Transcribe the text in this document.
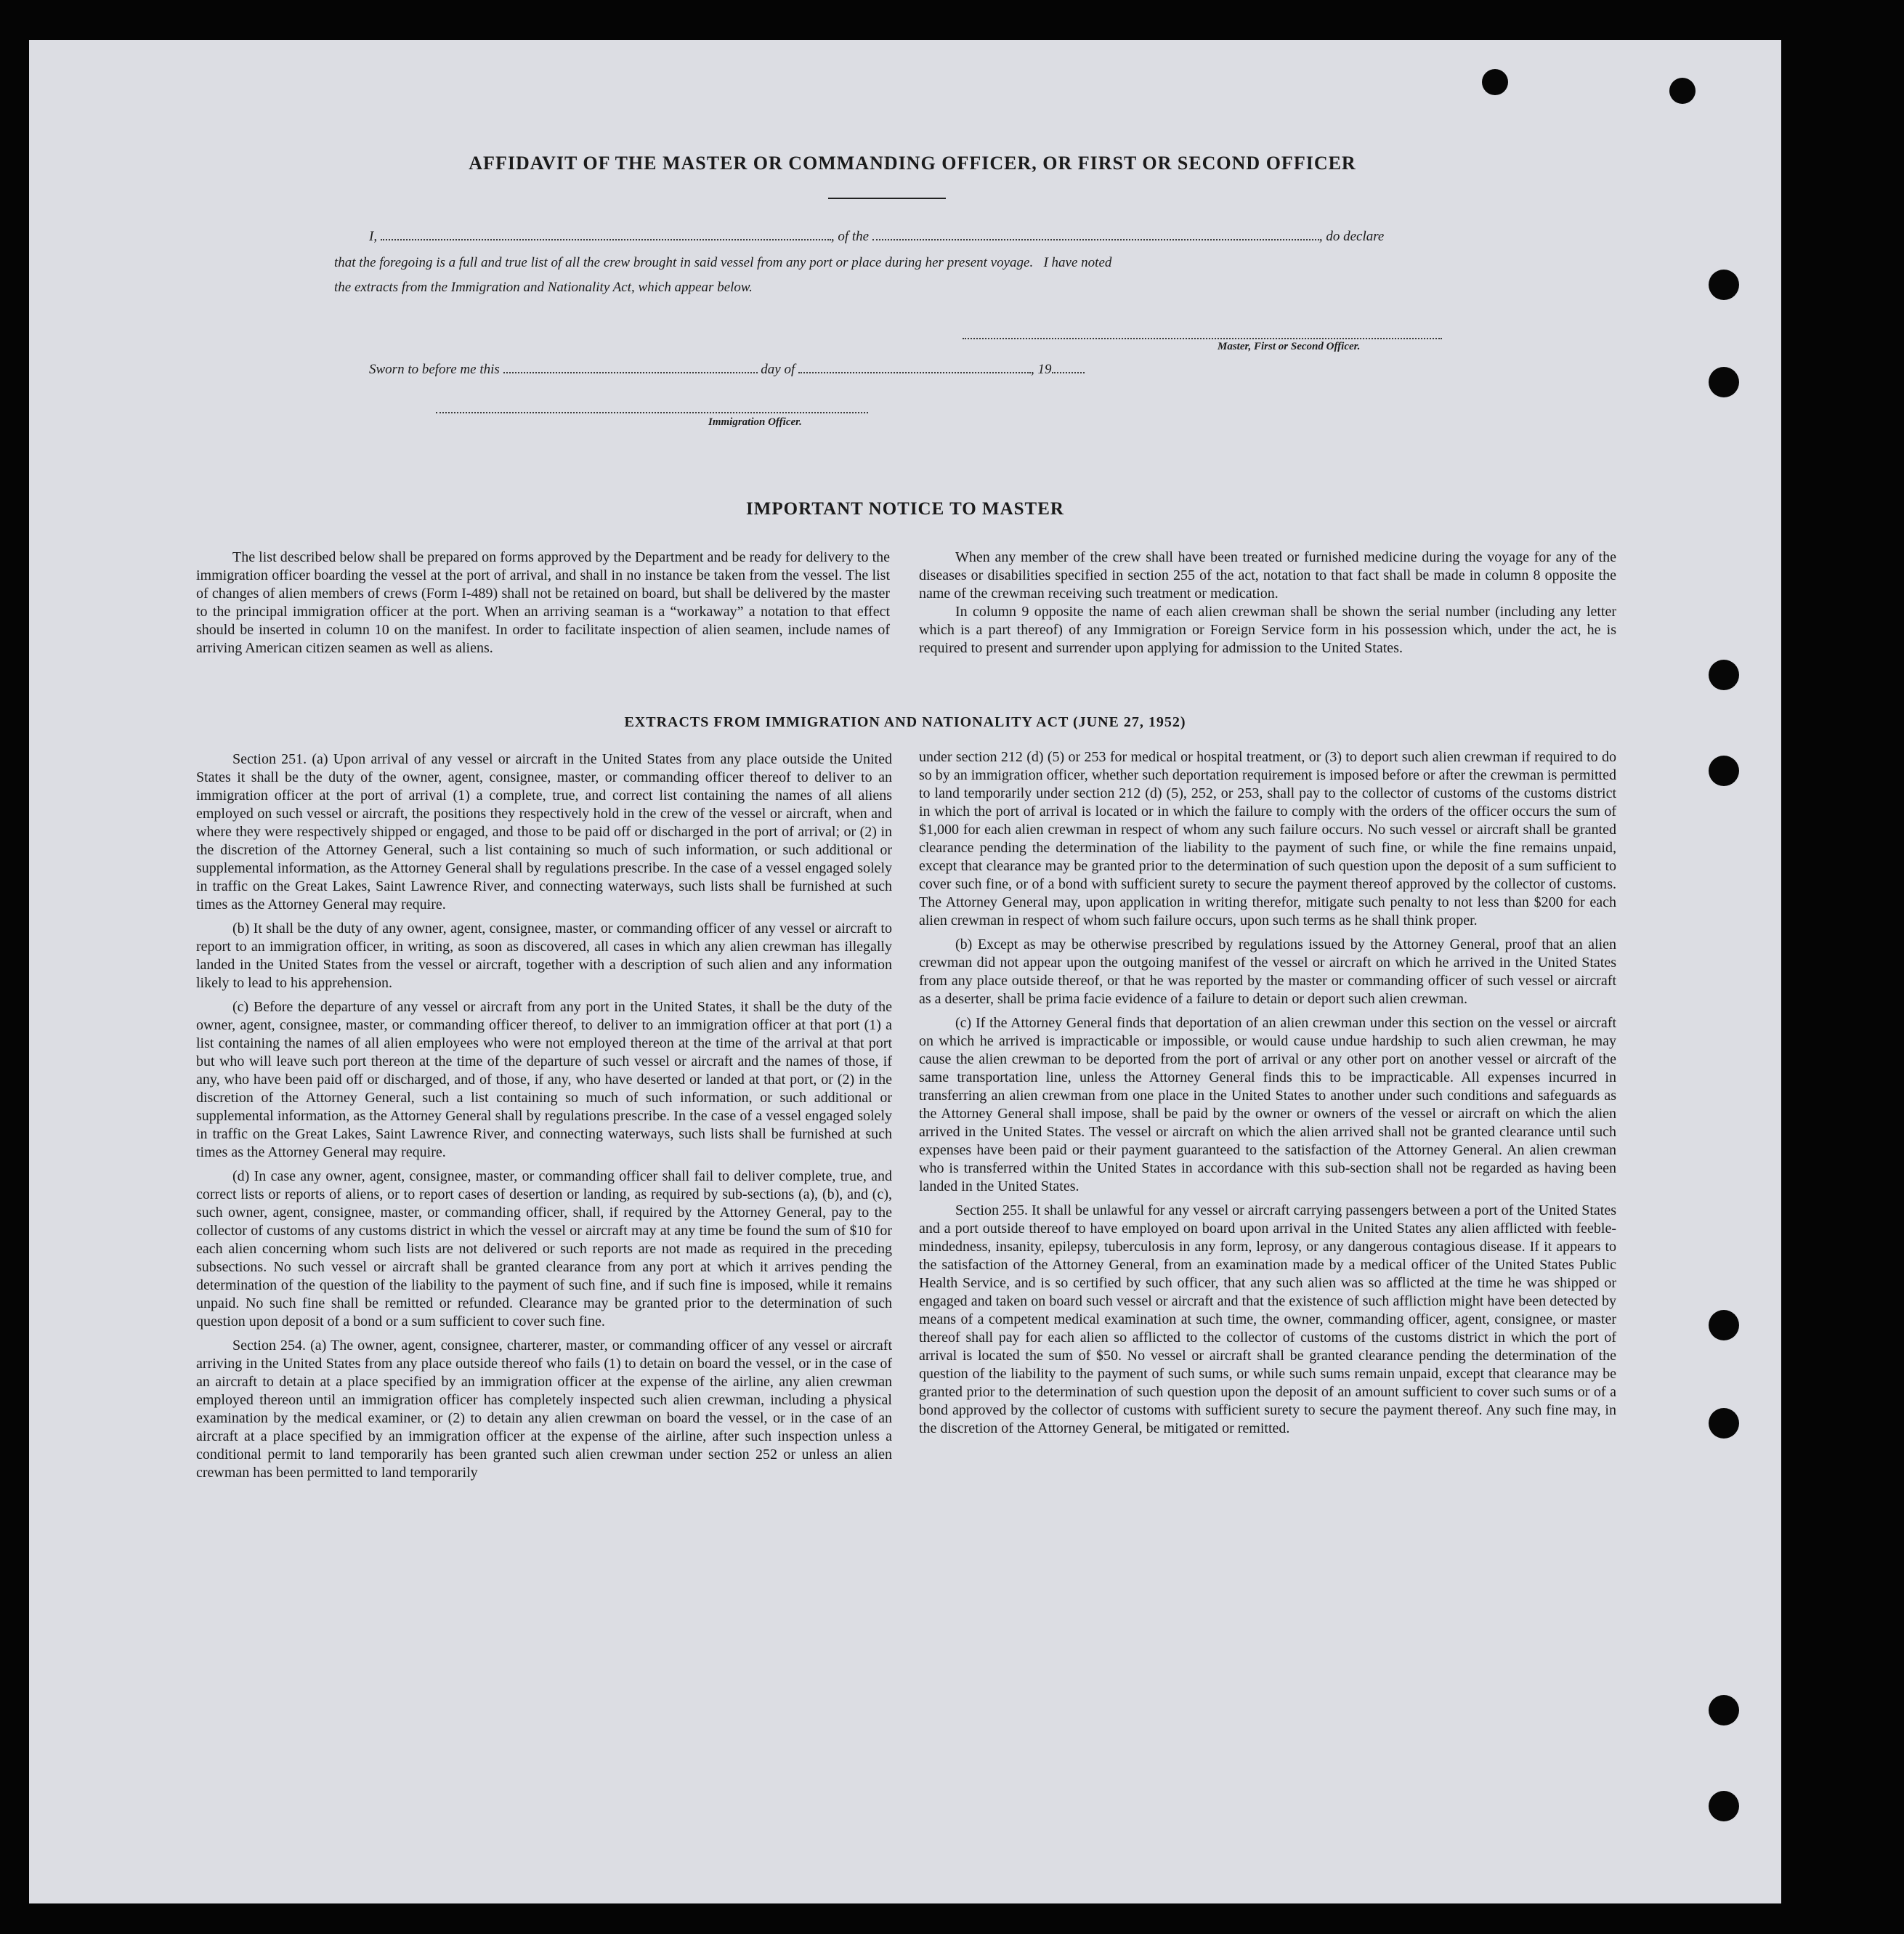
AFFIDAVIT OF THE MASTER OR COMMANDING OFFICER, OR FIRST OR SECOND OFFICER
I,	, of the	, do declare
that the foregoing is a full and true list of all the crew brought in said vessel from any port or place during her present voyage.   I have noted
the extracts from the Immigration and Nationality Act, which appear below.
Master, First or Second Officer.
Sworn to before me this	day of	, 19
Immigration Officer.
IMPORTANT NOTICE TO MASTER

The list described below shall be prepared on forms approved by the Department and be ready for delivery to the immigration officer boarding the vessel at the port of arrival, and shall in no instance be taken from the vessel. The list of changes of alien members of crews (Form I-489) shall not be retained on board, but shall be delivered by the master to the principal immigration officer at the port. When an arriving seaman is a “workaway” a notation to that effect should be inserted in column 10 on the manifest. In order to facilitate inspection of alien seamen, include names of arriving American citizen seamen as well as aliens.

When any member of the crew shall have been treated or furnished medicine during the voyage for any of the diseases or disabilities specified in section 255 of the act, notation to that fact shall be made in column 8 opposite the name of the crewman receiving such treatment or medication.

In column 9 opposite the name of each alien crewman shall be shown the serial number (including any letter which is a part thereof) of any Immigration or Foreign Service form in his possession which, under the act, he is required to present and surrender upon applying for admission to the United States.

EXTRACTS FROM IMMIGRATION AND NATIONALITY ACT (JUNE 27, 1952)

Section 251. (a) Upon arrival of any vessel or aircraft in the United States from any place outside the United States it shall be the duty of the owner, agent, consignee, master, or commanding officer thereof to deliver to an immigration officer at the port of arrival (1) a complete, true, and correct list containing the names of all aliens employed on such vessel or aircraft, the positions they respectively hold in the crew of the vessel or aircraft, when and where they were respectively shipped or engaged, and those to be paid off or discharged in the port of arrival; or (2) in the discretion of the Attorney General, such a list containing so much of such information, or such additional or supplemental information, as the Attorney General shall by regulations prescribe. In the case of a vessel engaged solely in traffic on the Great Lakes, Saint Lawrence River, and connecting waterways, such lists shall be furnished at such times as the Attorney General may require.

(b) It shall be the duty of any owner, agent, consignee, master, or commanding officer of any vessel or aircraft to report to an immigration officer, in writing, as soon as discovered, all cases in which any alien crewman has illegally landed in the United States from the vessel or aircraft, together with a description of such alien and any information likely to lead to his apprehension.

(c) Before the departure of any vessel or aircraft from any port in the United States, it shall be the duty of the owner, agent, consignee, master, or commanding officer thereof, to deliver to an immigration officer at that port (1) a list containing the names of all alien employees who were not employed thereon at the time of the arrival at that port but who will leave such port thereon at the time of the departure of such vessel or aircraft and the names of those, if any, who have been paid off or discharged, and of those, if any, who have deserted or landed at that port, or (2) in the discretion of the Attorney General, such a list containing so much of such information, or such additional or supplemental information, as the Attorney General shall by regulations prescribe. In the case of a vessel engaged solely in traffic on the Great Lakes, Saint Lawrence River, and connecting waterways, such lists shall be furnished at such times as the Attorney General may require.

(d) In case any owner, agent, consignee, master, or commanding officer shall fail to deliver complete, true, and correct lists or reports of aliens, or to report cases of desertion or landing, as required by sub-sections (a), (b), and (c), such owner, agent, consignee, master, or commanding officer, shall, if required by the Attorney General, pay to the collector of customs of any customs district in which the vessel or aircraft may at any time be found the sum of $10 for each alien concerning whom such lists are not delivered or such reports are not made as required in the preceding subsections. No such vessel or aircraft shall be granted clearance from any port at which it arrives pending the determination of the question of the liability to the payment of such fine, and if such fine is imposed, while it remains unpaid. No such fine shall be remitted or refunded. Clearance may be granted prior to the determination of such question upon deposit of a bond or a sum sufficient to cover such fine.

Section 254. (a) The owner, agent, consignee, charterer, master, or commanding officer of any vessel or aircraft arriving in the United States from any place outside thereof who fails (1) to detain on board the vessel, or in the case of an aircraft to detain at a place specified by an immigration officer at the expense of the airline, any alien crewman employed thereon until an immigration officer has completely inspected such alien crewman, including a physical examination by the medical examiner, or (2) to detain any alien crewman on board the vessel, or in the case of an aircraft at a place specified by an immigration officer at the expense of the airline, after such inspection unless a conditional permit to land temporarily has been granted such alien crewman under section 252 or unless an alien crewman has been permitted to land temporarily

under section 212 (d) (5) or 253 for medical or hospital treatment, or (3) to deport such alien crewman if required to do so by an immigration officer, whether such deportation requirement is imposed before or after the crewman is permitted to land temporarily under section 212 (d) (5), 252, or 253, shall pay to the collector of customs of the customs district in which the port of arrival is located or in which the failure to comply with the orders of the officer occurs the sum of $1,000 for each alien crewman in respect of whom any such failure occurs. No such vessel or aircraft shall be granted clearance pending the determination of the liability to the payment of such fine, or while the fine remains unpaid, except that clearance may be granted prior to the determination of such question upon the deposit of a sum sufficient to cover such fine, or of a bond with sufficient surety to secure the payment thereof approved by the collector of customs. The Attorney General may, upon application in writing therefor, mitigate such penalty to not less than $200 for each alien crewman in respect of whom such failure occurs, upon such terms as he shall think proper.

(b) Except as may be otherwise prescribed by regulations issued by the Attorney General, proof that an alien crewman did not appear upon the outgoing manifest of the vessel or aircraft on which he arrived in the United States from any place outside thereof, or that he was reported by the master or commanding officer of such vessel or aircraft as a deserter, shall be prima facie evidence of a failure to detain or deport such alien crewman.

(c) If the Attorney General finds that deportation of an alien crewman under this section on the vessel or aircraft on which he arrived is impracticable or impossible, or would cause undue hardship to such alien crewman, he may cause the alien crewman to be deported from the port of arrival or any other port on another vessel or aircraft of the same transportation line, unless the Attorney General finds this to be impracticable. All expenses incurred in transferring an alien crewman from one place in the United States to another under such conditions and safeguards as the Attorney General shall impose, shall be paid by the owner or owners of the vessel or aircraft on which the alien arrived in the United States. The vessel or aircraft on which the alien arrived shall not be granted clearance until such expenses have been paid or their payment guaranteed to the satisfaction of the Attorney General. An alien crewman who is transferred within the United States in accordance with this sub-section shall not be regarded as having been landed in the United States.

Section 255. It shall be unlawful for any vessel or aircraft carrying passengers between a port of the United States and a port outside thereof to have employed on board upon arrival in the United States any alien afflicted with feeble-mindedness, insanity, epilepsy, tuberculosis in any form, leprosy, or any dangerous contagious disease. If it appears to the satisfaction of the Attorney General, from an examination made by a medical officer of the United States Public Health Service, and is so certified by such officer, that any such alien was so afflicted at the time he was shipped or engaged and taken on board such vessel or aircraft and that the existence of such affliction might have been detected by means of a competent medical examination at such time, the owner, commanding officer, agent, consignee, or master thereof shall pay for each alien so afflicted to the collector of customs of the customs district in which the port of arrival is located the sum of $50. No vessel or aircraft shall be granted clearance pending the determination of the question of the liability to the payment of such sums, or while such sums remain unpaid, except that clearance may be granted prior to the determination of such question upon the deposit of an amount sufficient to cover such sums or of a bond approved by the collector of customs with sufficient surety to secure the payment thereof. Any such fine may, in the discretion of the Attorney General, be mitigated or remitted.
